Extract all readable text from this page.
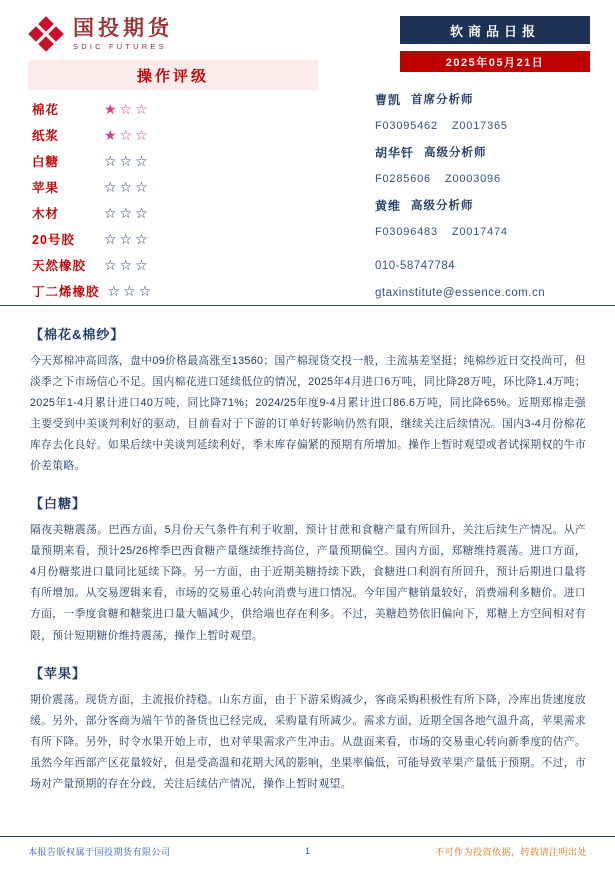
国投期货
SDIC FUTURES
软商品日报
2025年05月21日
操作评级
棉花	★☆☆
纸浆	★☆☆
白糖	☆☆☆
苹果	☆☆☆
木材	☆☆☆
20号胶	☆☆☆
天然橡胶	☆☆☆
丁二烯橡胶 ☆☆☆
曹凯 首席分析师
F03095462 Z0017365
胡华钎 高级分析师
F0285606 Z0003096
黄维 高级分析师
F03096483 Z0017474
010-58747784
gtaxinstitute@essence.com.cn
【棉花&棉纱】
今天郑棉冲高回落，盘中09价格最高涨至13560；国产棉现货交投一般，主流基差坚挺；纯棉纱近日交投尚可，但淡季之下市场信心不足。国内棉花进口延续低位的情况，2025年4月进口6万吨，同比降28万吨，环比降1.4万吨；2025年1-4月累计进口40万吨，同比降71%；2024/25年度9-4月累计进口86.6万吨，同比降65%。近期郑棉走强主要受到中美谈判利好的驱动，目前看对于下游的订单好转影响仍然有限，继续关注后续情况。国内3-4月份棉花库存去化良好。如果后续中美谈判延续利好，季末库存偏紧的预期有所增加。操作上暂时观望或者试探期权的牛市价差策略。
【白糖】
隔夜美糖震荡。巴西方面，5月份天气条件有利于收割，预计甘蔗和食糖产量有所回升，关注后续生产情况。从产量预期来看，预计25/26榨季巴西食糖产量继续维持高位，产量预期偏空。国内方面，郑糖维持震荡。进口方面，4月份糖浆进口量同比延续下降。另一方面，由于近期美糖持续下跌，食糖进口利润有所回升，预计后期进口量将有所增加。从交易逻辑来看，市场的交易重心转向消费与进口情况。今年国产糖销量较好，消费端利多糖价。进口方面，一季度食糖和糖浆进口量大幅减少，供给端也存在利多。不过，美糖趋势依旧偏向下，郑糖上方空间相对有限，预计短期糖价维持震荡，操作上暂时观望。
【苹果】
期价震荡。现货方面，主流报价持稳。山东方面，由于下游采购减少，客商采购积极性有所下降，冷库出货速度放缓。另外，部分客商为端午节的备货也已经完成，采购量有所减少。需求方面，近期全国各地气温升高，苹果需求有所下降。另外，时令水果开始上市，也对苹果需求产生冲击。从盘面来看，市场的交易重心转向新季度的估产。虽然今年西部产区花量较好，但是受高温和花期大风的影响，坐果率偏低，可能导致苹果产量低于预期。不过，市场对产量预期的存在分歧，关注后续估产情况，操作上暂时观望。
本报告版权属于国投期货有限公司	1	不可作为投资依据，转载请注明出处
